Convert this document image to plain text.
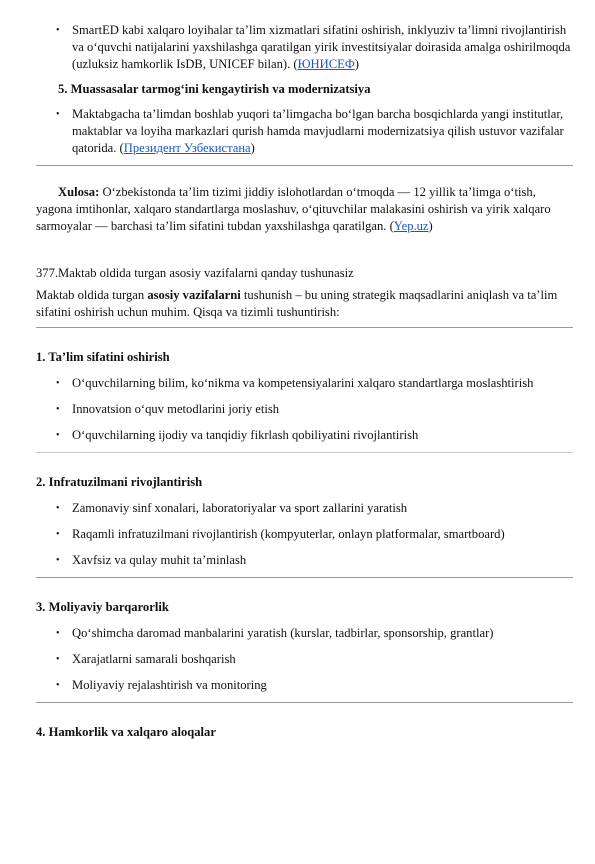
• SmartED kabi xalqaro loyihalar ta’lim xizmatlari sifatini oshirish, inklyuziv ta’limni rivojlantirish va o‘quvchi natijalarini yaxshilashga qaratilgan yirik investitsiyalar doirasida amalga oshirilmoqda (uzluksiz hamkorlik IsDB, UNICEF bilan). (ЮНИСЕФ)
5. Muassasalar tarmog‘ini kengaytirish va modernizatsiya
• Maktabgacha ta’limdan boshlab yuqori ta’limgacha bo‘lgan barcha bosqichlarda yangi institutlar, maktablar va loyiha markazlari qurish hamda mavjudlarni modernizatsiya qilish ustuvor vazifalar qatorida. (Президент Узбекистана)

Xulosa: O‘zbekistonda ta’lim tizimi jiddiy islohotlardan o‘tmoqda — 12 yillik ta’limga o‘tish, yagona imtihonlar, xalqaro standartlarga moslashuv, o‘qituvchilar malakasini oshirish va yirik xalqaro sarmoyalar — barchasi ta’lim sifatini tubdan yaxshilashga qaratilgan. (Yep.uz)

377.Maktab oldida turgan asosiy vazifalarni qanday tushunasiz

Maktab oldida turgan asosiy vazifalarni tushunish – bu uning strategik maqsadlarini aniqlash va ta’lim sifatini oshirish uchun muhim. Qisqa va tizimli tushuntirish:

1. Ta’lim sifatini oshirish
• O‘quvchilarning bilim, ko‘nikma va kompetensiyalarini xalqaro standartlarga moslashtirish
• Innovatsion o‘quv metodlarini joriy etish
• O‘quvchilarning ijodiy va tanqidiy fikrlash qobiliyatini rivojlantirish
2. Infratuzilmani rivojlantirish
• Zamonaviy sinf xonalari, laboratoriyalar va sport zallarini yaratish
• Raqamli infratuzilmani rivojlantirish (kompyuterlar, onlayn platformalar, smartboard)
• Xavfsiz va qulay muhit ta’minlash
3. Moliyaviy barqarorlik
• Qo‘shimcha daromad manbalarini yaratish (kurslar, tadbirlar, sponsorship, grantlar)
• Xarajatlarni samarali boshqarish
• Moliyaviy rejalashtirish va monitoring
4. Hamkorlik va xalqaro aloqalar
